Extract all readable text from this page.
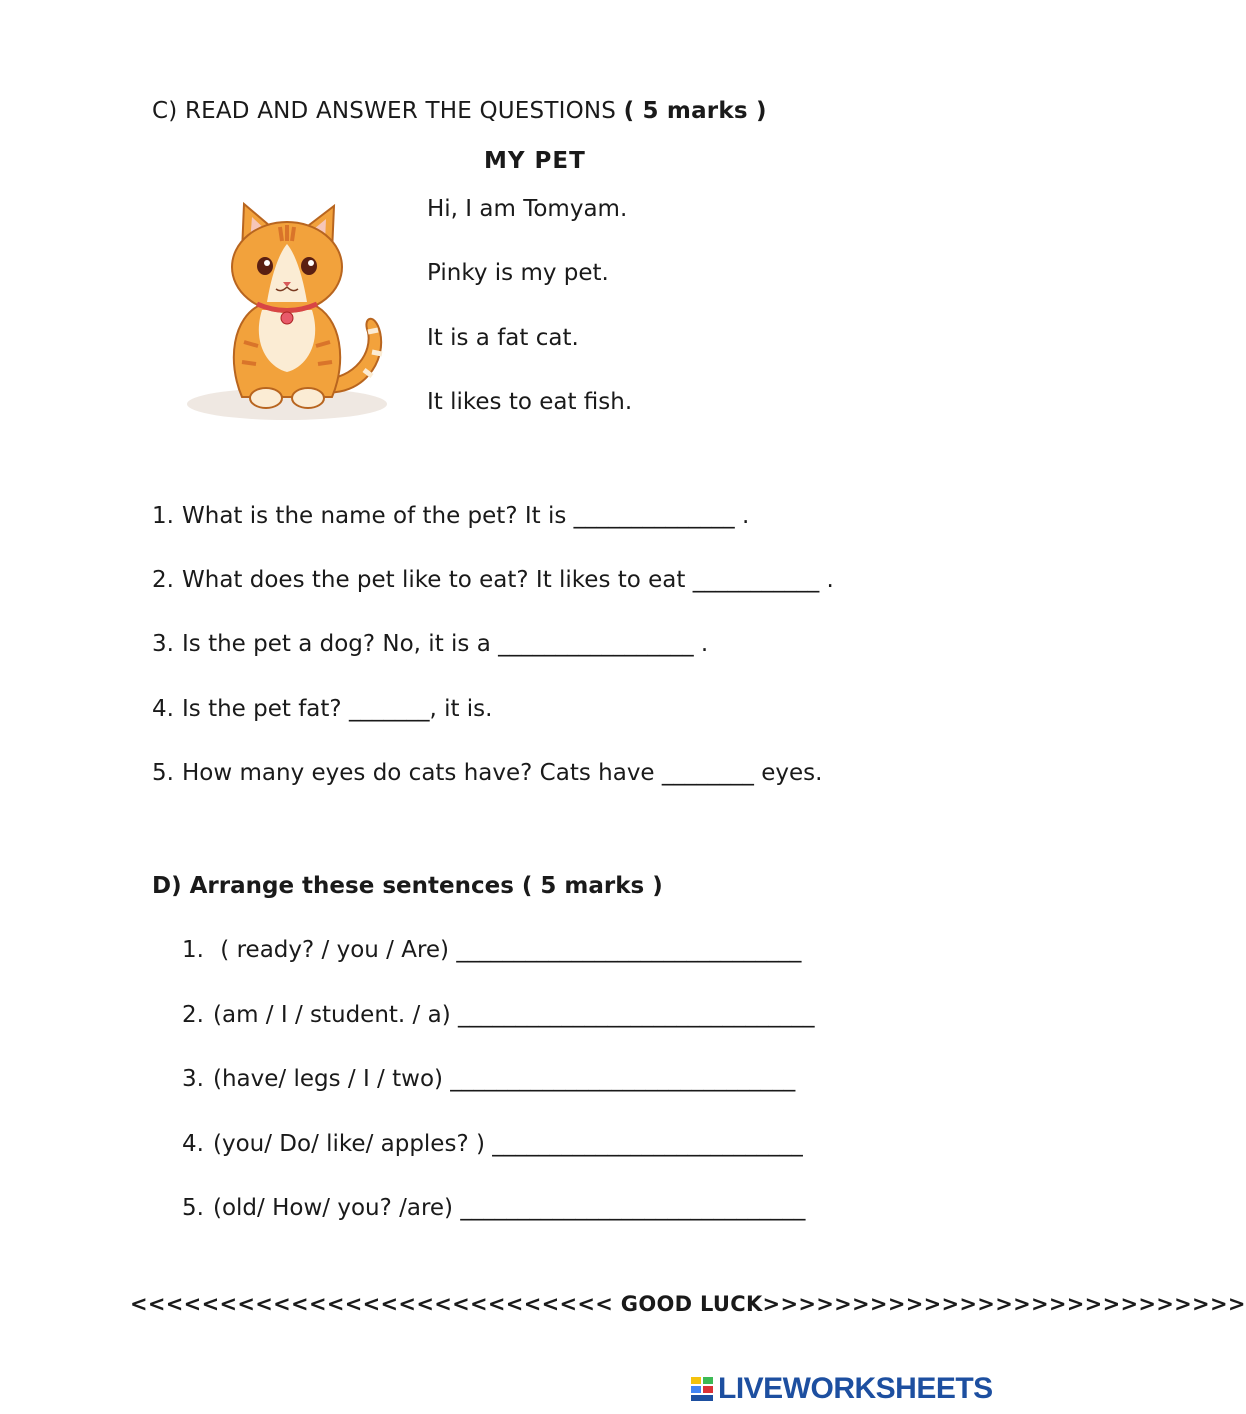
C) READ AND ANSWER THE QUESTIONS ( 5 marks )
MY PET
Hi, I am Tomyam.
Pinky is my pet.
It is a fat cat.
It likes to eat fish.
1. What is the name of the pet? It is ______________ .
2. What does the pet like to eat? It likes to eat ___________ .
3. Is the pet a dog? No, it is a _________________ .
4. Is the pet fat? _______, it is.
5. How many eyes do cats have? Cats have ________ eyes.
D) Arrange these sentences ( 5 marks )
1. ( ready? / you / Are) ______________________________
2. (am / I / student. / a) _______________________________
3. (have/ legs / I / two) ______________________________
4. (you/ Do/ like/ apples? ) ___________________________
5. (old/ How/ you? /are) ______________________________
<<<<<<<<<<<<<<<<<<<<<<<<<<< GOOD LUCK>>>>>>>>>>>>>>>>>>>>>>>>>>>
LIVEWORKSHEETS
